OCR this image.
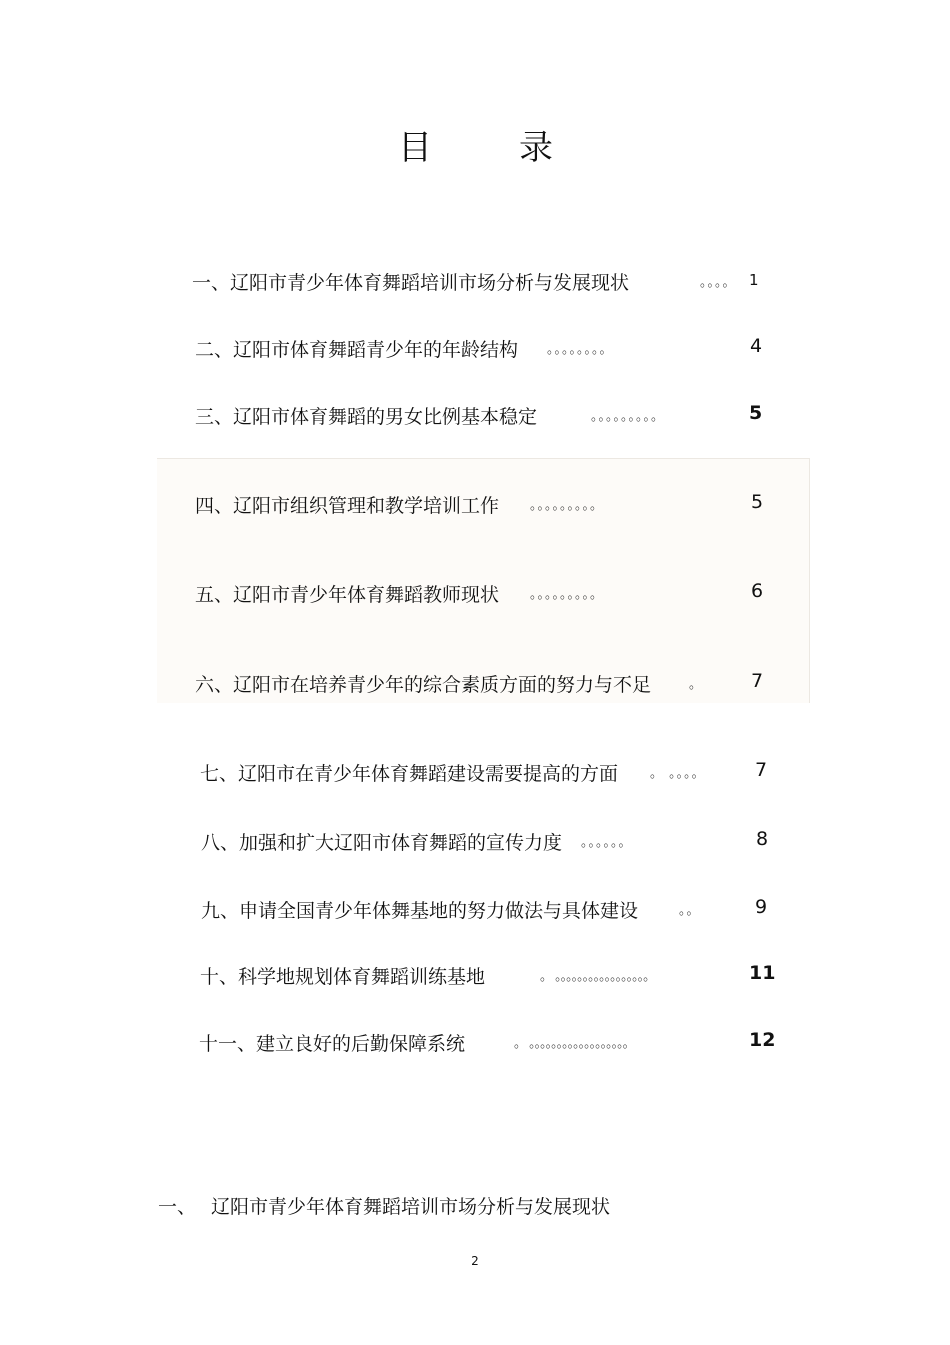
目	录
一、辽阳市青少年体育舞蹈培训市场分析与发展现状	。。。。 1
二、辽阳市体育舞蹈青少年的年龄结构 。。。。。。。。	4
三、辽阳市体育舞蹈的男女比例基本稳定	。。。。。。。。。	5
四、辽阳市组织管理和教学培训工作 。。。。。。。。。	5
五、辽阳市青少年体育舞蹈教师现状 。。。。。。。。。	6
六、辽阳市在培养青少年的综合素质方面的努力与不足	。	7
七、辽阳市在青少年体育舞蹈建设需要提高的方面 。 。。。。	7
八、加强和扩大辽阳市体育舞蹈的宣传力度 。。。。。。	8
九、申请全国青少年体舞基地的努力做法与具体建设	。。	9
十、科学地规划体育舞蹈训练基地	。 。。。。。。。。。。。。。。。。。	11
十一、建立良好的后勤保障系统	。 。。。。。。。。。。。。。。。。。。	12
一、 辽阳市青少年体育舞蹈培训市场分析与发展现状
2
